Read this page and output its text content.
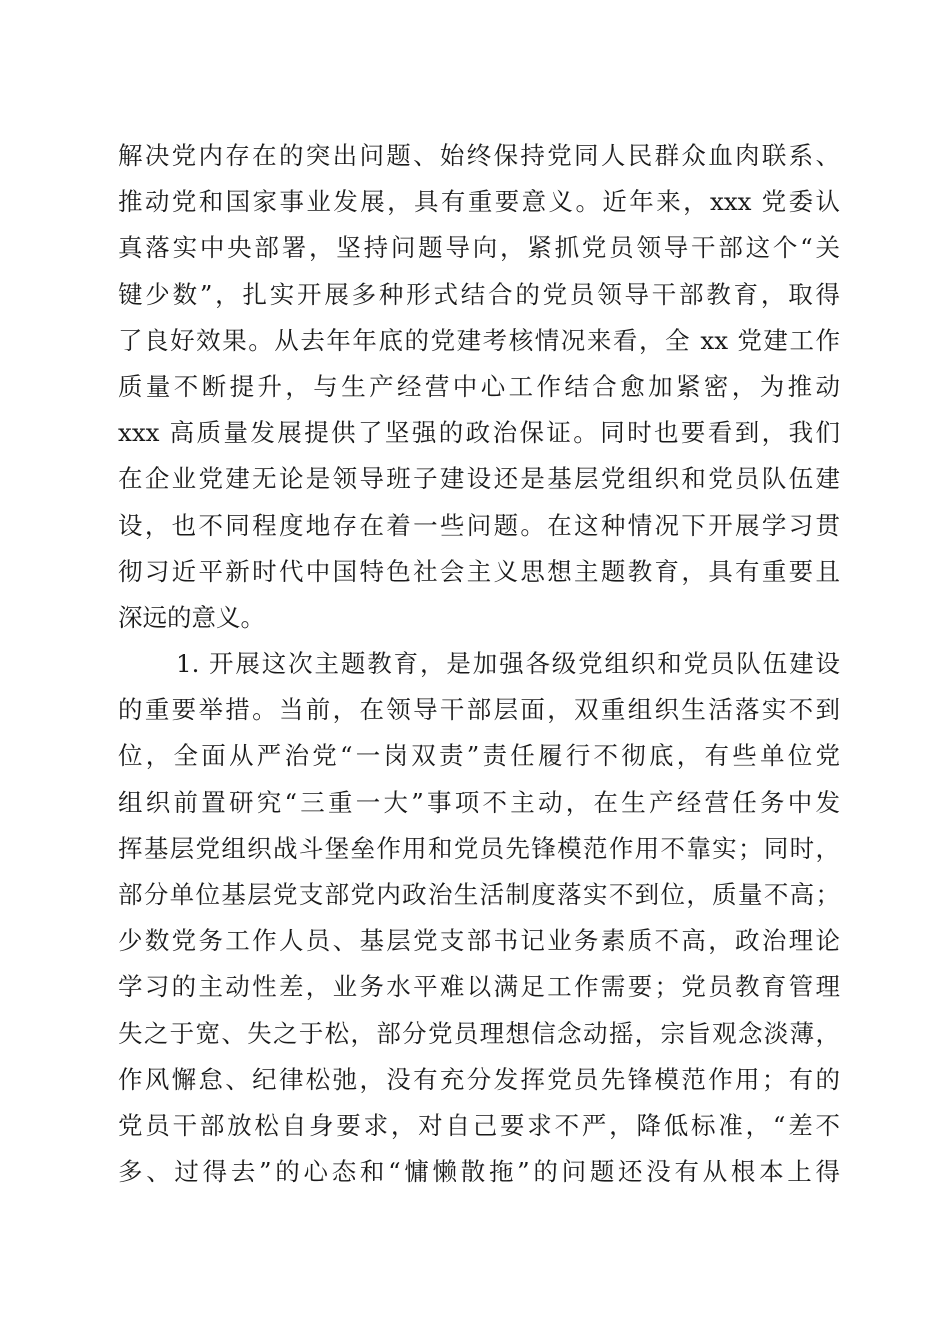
解决党内存在的突出问题、始终保持党同人民群众血肉联系、
推动党和国家事业发展，具有重要意义。近年来，xxx 党委认
真落实中央部署，坚持问题导向，紧抓党员领导干部这个“关
键少数”，扎实开展多种形式结合的党员领导干部教育，取得
了良好效果。从去年年底的党建考核情况来看，全 xx 党建工作
质量不断提升，与生产经营中心工作结合愈加紧密，为推动
xxx 高质量发展提供了坚强的政治保证。同时也要看到，我们
在企业党建无论是领导班子建设还是基层党组织和党员队伍建
设，也不同程度地存在着一些问题。在这种情况下开展学习贯
彻习近平新时代中国特色社会主义思想主题教育，具有重要且
深远的意义。
1. 开展这次主题教育，是加强各级党组织和党员队伍建设
的重要举措。当前，在领导干部层面，双重组织生活落实不到
位，全面从严治党“一岗双责”责任履行不彻底，有些单位党
组织前置研究“三重一大”事项不主动，在生产经营任务中发
挥基层党组织战斗堡垒作用和党员先锋模范作用不靠实；同时，
部分单位基层党支部党内政治生活制度落实不到位，质量不高；
少数党务工作人员、基层党支部书记业务素质不高，政治理论
学习的主动性差，业务水平难以满足工作需要；党员教育管理
失之于宽、失之于松，部分党员理想信念动摇，宗旨观念淡薄，
作风懈怠、纪律松弛，没有充分发挥党员先锋模范作用；有的
党员干部放松自身要求，对自己要求不严，降低标准，“差不
多、过得去”的心态和“慵懒散拖”的问题还没有从根本上得
